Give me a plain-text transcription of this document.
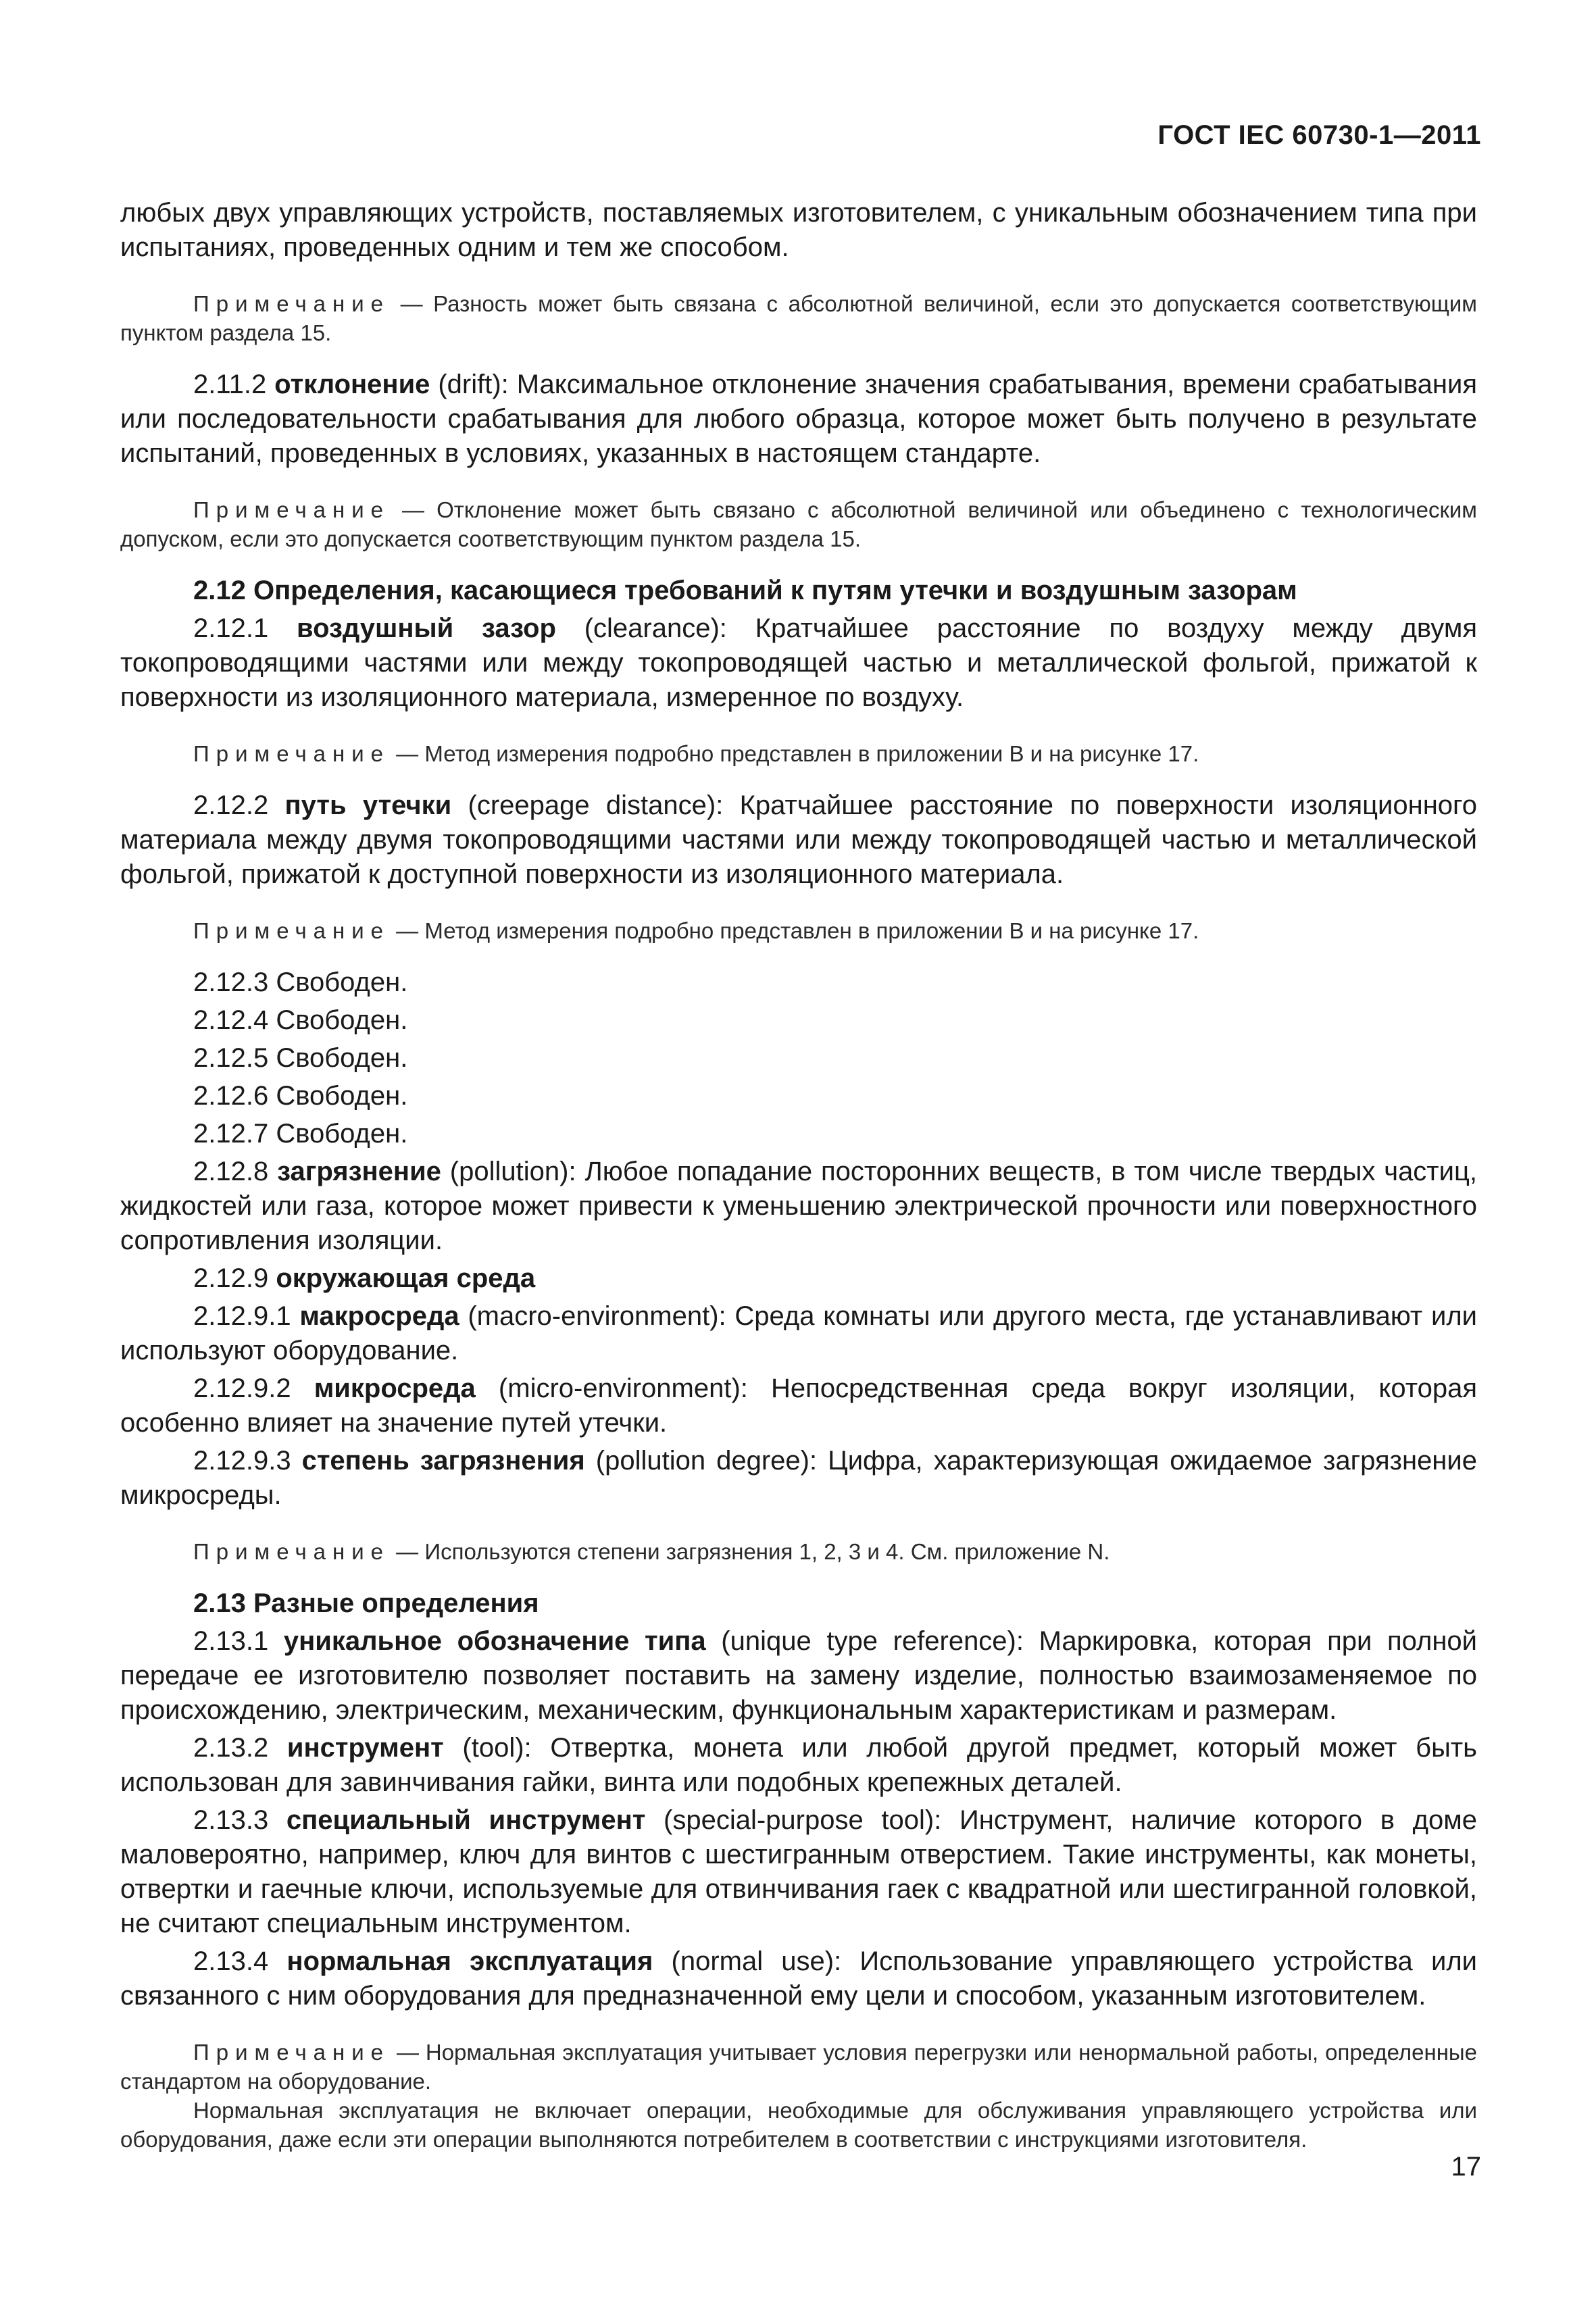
ГОСТ IEC 60730-1—2011

любых двух управляющих устройств, поставляемых изготовителем, с уникальным обозначением типа при испытаниях, проведенных одним и тем же способом.

Примечание — Разность может быть связана с абсолютной величиной, если это допускается соответствующим пунктом раздела 15.

2.11.2 отклонение (drift): Максимальное отклонение значения срабатывания, времени срабатывания или последовательности срабатывания для любого образца, которое может быть получено в результате испытаний, проведенных в условиях, указанных в настоящем стандарте.

Примечание — Отклонение может быть связано с абсолютной величиной или объединено с технологическим допуском, если это допускается соответствующим пунктом раздела 15.

2.12 Определения, касающиеся требований к путям утечки и воздушным зазорам

2.12.1 воздушный зазор (clearance): Кратчайшее расстояние по воздуху между двумя токопроводящими частями или между токопроводящей частью и металлической фольгой, прижатой к поверхности из изоляционного материала, измеренное по воздуху.

Примечание — Метод измерения подробно представлен в приложении В и на рисунке 17.

2.12.2 путь утечки (creepage distance): Кратчайшее расстояние по поверхности изоляционного материала между двумя токопроводящими частями или между токопроводящей частью и металлической фольгой, прижатой к доступной поверхности из изоляционного материала.

Примечание — Метод измерения подробно представлен в приложении В и на рисунке 17.

2.12.3 Свободен.

2.12.4 Свободен.

2.12.5 Свободен.

2.12.6 Свободен.

2.12.7 Свободен.

2.12.8 загрязнение (pollution): Любое попадание посторонних веществ, в том числе твердых частиц, жидкостей или газа, которое может привести к уменьшению электрической прочности или поверхностного сопротивления изоляции.

2.12.9 окружающая среда

2.12.9.1 макросреда (macro-environment): Среда комнаты или другого места, где устанавливают или используют оборудование.

2.12.9.2 микросреда (micro-environment): Непосредственная среда вокруг изоляции, которая особенно влияет на значение путей утечки.

2.12.9.3 степень загрязнения (pollution degree): Цифра, характеризующая ожидаемое загрязнение микросреды.

Примечание — Используются степени загрязнения 1, 2, 3 и 4. См. приложение N.

2.13 Разные определения

2.13.1 уникальное обозначение типа (unique type reference): Маркировка, которая при полной передаче ее изготовителю позволяет поставить на замену изделие, полностью взаимозаменяемое по происхождению, электрическим, механическим, функциональным характеристикам и размерам.

2.13.2 инструмент (tool): Отвертка, монета или любой другой предмет, который может быть использован для завинчивания гайки, винта или подобных крепежных деталей.

2.13.3 специальный инструмент (special-purpose tool): Инструмент, наличие которого в доме маловероятно, например, ключ для винтов с шестигранным отверстием. Такие инструменты, как монеты, отвертки и гаечные ключи, используемые для отвинчивания гаек с квадратной или шестигранной головкой, не считают специальным инструментом.

2.13.4 нормальная эксплуатация (normal use): Использование управляющего устройства или связанного с ним оборудования для предназначенной ему цели и способом, указанным изготовителем.

Примечание — Нормальная эксплуатация учитывает условия перегрузки или ненормальной работы, определенные стандартом на оборудование.

Нормальная эксплуатация не включает операции, необходимые для обслуживания управляющего устройства или оборудования, даже если эти операции выполняются потребителем в соответствии с инструкциями изготовителя.

17
